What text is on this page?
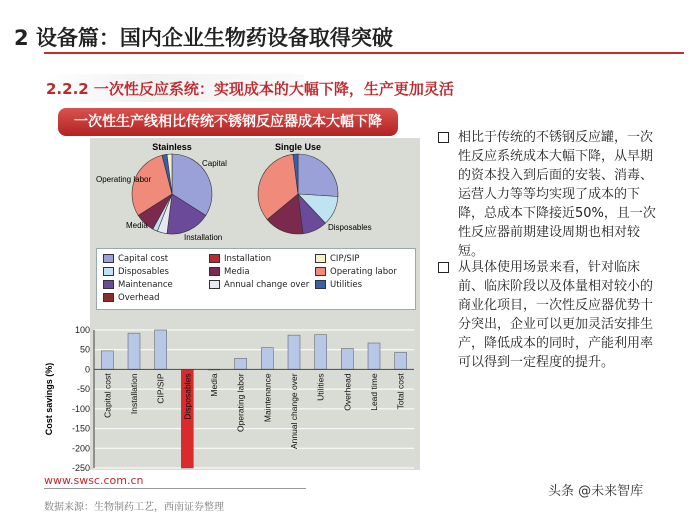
2 设备篇：国内企业生物药设备取得突破
2.2.2 一次性反应系统：实现成本的大幅下降，生产更加灵活
一次性生产线相比传统不锈钢反应器成本大幅下降
Stainless	Single Use
Operating labor
Capital
Media
Installation
Disposables
Capital cost	Installation	CIP/SIP
Disposables	Media	Operating labor
Maintenance	Annual change over	Utilities
Overhead
100
50
0
-50
-100
-150
-200
-250
Cost savings (%)	Capital cost Installation CIP/SIP Disposables Media Operating labor Maintenance Annual change over Utilities Overhead Lead time Total cost
相比于传统的不锈钢反应罐，一次性反应系统成本大幅下降，从早期的资本投入到后面的安装、消毒、运营人力等等均实现了成本的下降，总成本下降接近50%，且一次性反应器前期建设周期也相对较短。
从具体使用场景来看，针对临床前、临床阶段以及体量相对较小的商业化项目，一次性反应器优势十分突出，企业可以更加灵活安排生产，降低成本的同时，产能利用率可以得到一定程度的提升。
www.swsc.com.cn
数据来源：生物制药工艺，西南证券整理
头条 @未来智库
